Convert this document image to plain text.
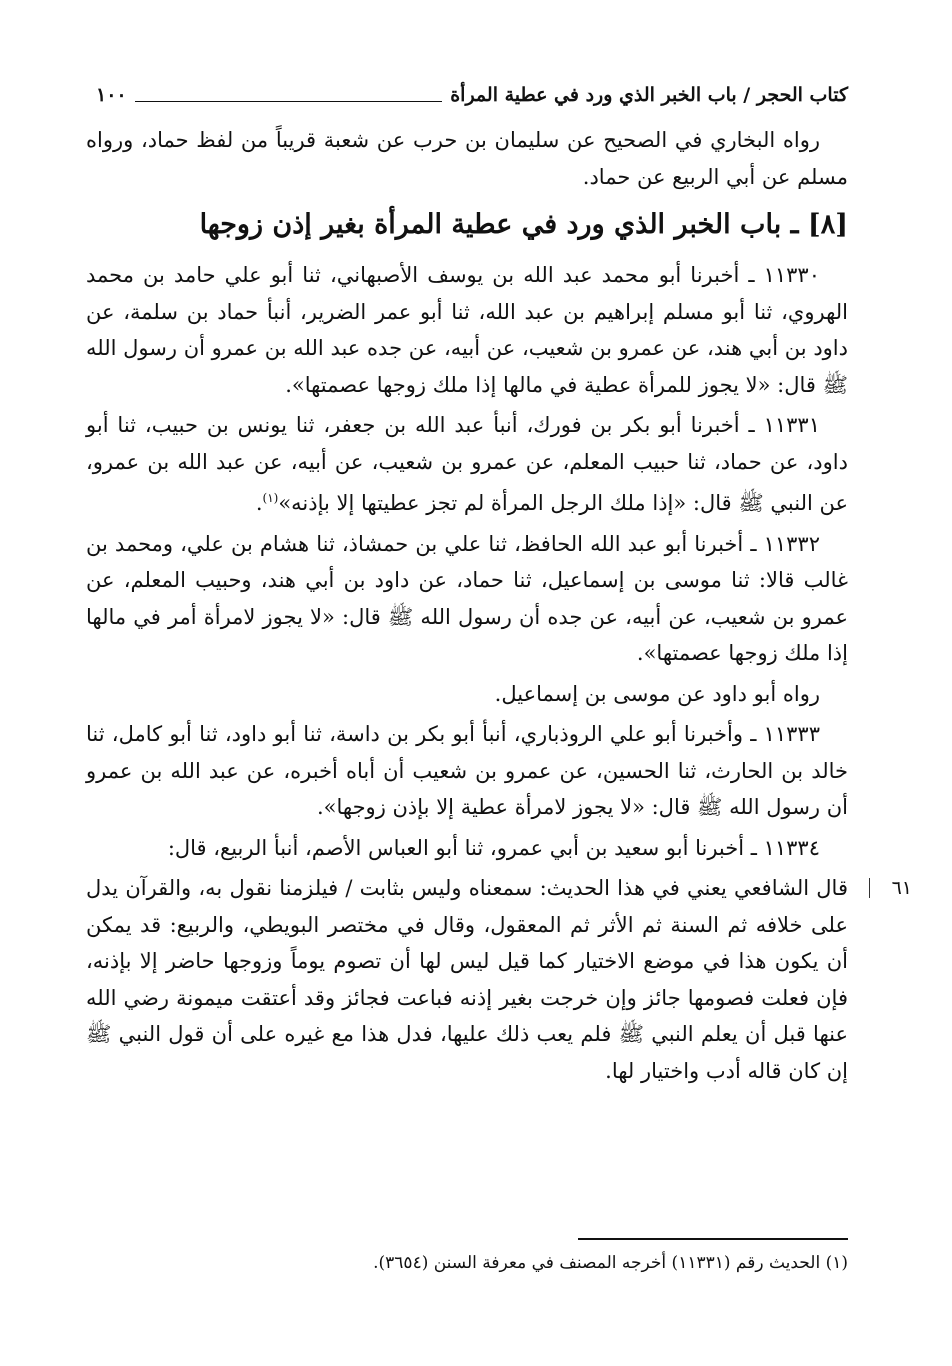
كتاب الحجر / باب الخبر الذي ورد في عطية المرأة
١٠٠

رواه البخاري في الصحيح عن سليمان بن حرب عن شعبة قريباً من لفظ حماد، ورواه مسلم عن أبي الربيع عن حماد.

[٨] ـ باب الخبر الذي ورد في عطية المرأة بغير إذن زوجها

١١٣٣٠ ـ أخبرنا أبو محمد عبد الله بن يوسف الأصبهاني، ثنا أبو علي حامد بن محمد الهروي، ثنا أبو مسلم إبراهيم بن عبد الله، ثنا أبو عمر الضرير، أنبأ حماد بن سلمة، عن داود بن أبي هند، عن عمرو بن شعيب، عن أبيه، عن جده عبد الله بن عمرو أن رسول الله ﷺ قال: «لا يجوز للمرأة عطية في مالها إذا ملك زوجها عصمتها».

١١٣٣١ ـ أخبرنا أبو بكر بن فورك، أنبأ عبد الله بن جعفر، ثنا يونس بن حبيب، ثنا أبو داود، عن حماد، ثنا حبيب المعلم، عن عمرو بن شعيب، عن أبيه، عن عبد الله بن عمرو، عن النبي ﷺ قال: «إذا ملك الرجل المرأة لم تجز عطيتها إلا بإذنه»$^{(١)}$.

١١٣٣٢ ـ أخبرنا أبو عبد الله الحافظ، ثنا علي بن حمشاذ، ثنا هشام بن علي، ومحمد بن غالب قالا: ثنا موسى بن إسماعيل، ثنا حماد، عن داود بن أبي هند، وحبيب المعلم، عن عمرو بن شعيب، عن أبيه، عن جده أن رسول الله ﷺ قال: «لا يجوز لامرأة أمر في مالها إذا ملك زوجها عصمتها».

رواه أبو داود عن موسى بن إسماعيل.

١١٣٣٣ ـ وأخبرنا أبو علي الروذباري، أنبأ أبو بكر بن داسة، ثنا أبو داود، ثنا أبو كامل، ثنا خالد بن الحارث، ثنا الحسين، عن عمرو بن شعيب أن أباه أخبره، عن عبد الله بن عمرو أن رسول الله ﷺ قال: «لا يجوز لامرأة عطية إلا بإذن زوجها».

١١٣٣٤ ـ أخبرنا أبو سعيد بن أبي عمرو، ثنا أبو العباس الأصم، أنبأ الربيع، قال:

٦١

قال الشافعي يعني في هذا الحديث: سمعناه وليس بثابت / فيلزمنا نقول به، والقرآن يدل على خلافه ثم السنة ثم الأثر ثم المعقول، وقال في مختصر البويطي، والربيع: قد يمكن أن يكون هذا في موضع الاختيار كما قيل ليس لها أن تصوم يوماً وزوجها حاضر إلا بإذنه، فإن فعلت فصومها جائز وإن خرجت بغير إذنه فباعت فجائز وقد أعتقت ميمونة رضي الله عنها قبل أن يعلم النبي ﷺ فلم يعب ذلك عليها، فدل هذا مع غيره على أن قول النبي ﷺ إن كان قاله أدب واختيار لها.

(١) الحديث رقم (١١٣٣١) أخرجه المصنف في معرفة السنن (٣٦٥٤).
